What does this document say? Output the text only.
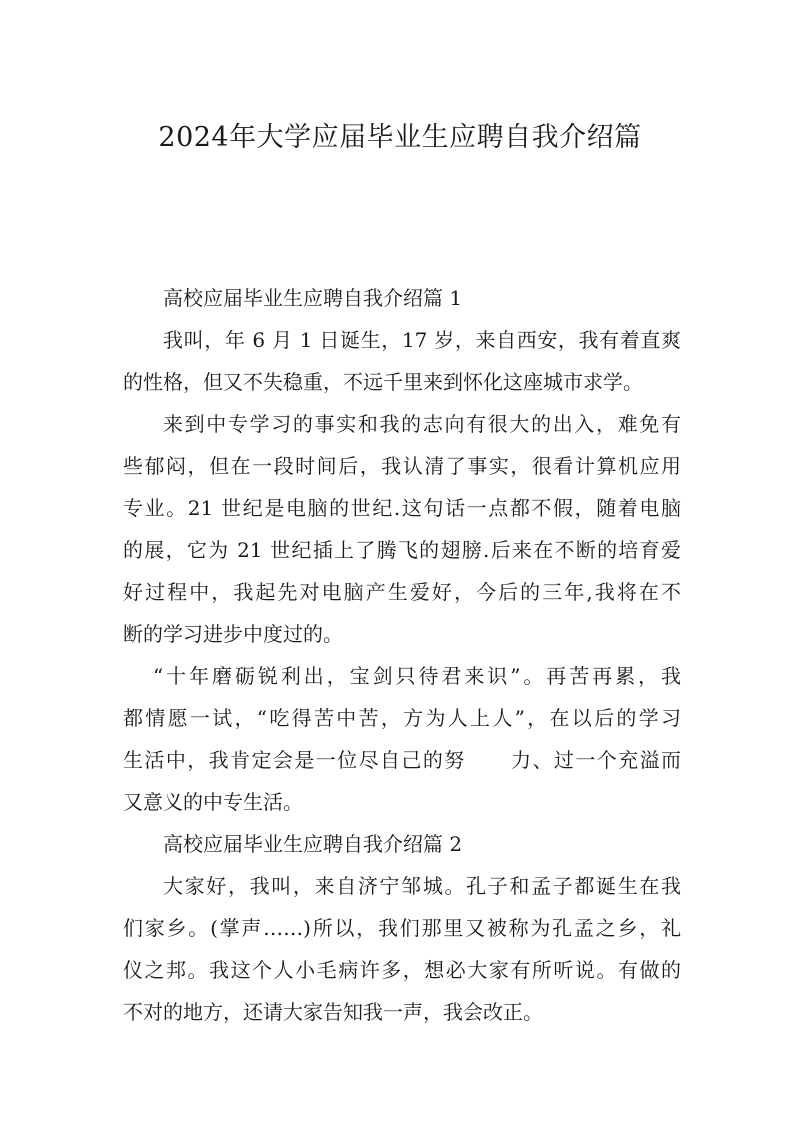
2024年大学应届毕业生应聘自我介绍篇
高校应届毕业生应聘自我介绍篇 1

我叫，年 6 月 1 日诞生，17 岁，来自西安，我有着直爽
的性格，但又不失稳重，不远千里来到怀化这座城市求学。

来到中专学习的事实和我的志向有很大的出入，难免有
些郁闷，但在一段时间后，我认清了事实，很看计算机应用
专业。21 世纪是电脑的世纪.这句话一点都不假，随着电脑
的展，它为 21 世纪插上了腾飞的翅膀.后来在不断的培育爱
好过程中，我起先对电脑产生爱好，今后的三年,我将在不
断的学习进步中度过的。

“十年磨砺锐利出，宝剑只待君来识”。再苦再累，我
都情愿一试，“吃得苦中苦，方为人上人”，在以后的学习
生活中，我肯定会是一位尽自己的努 力、过一个充溢而
又意义的中专生活。

高校应届毕业生应聘自我介绍篇 2

大家好，我叫，来自济宁邹城。孔子和孟子都诞生在我
们家乡。(掌声……)所以，我们那里又被称为孔孟之乡，礼
仪之邦。我这个人小毛病许多，想必大家有所听说。有做的
不对的地方，还请大家告知我一声，我会改正。
